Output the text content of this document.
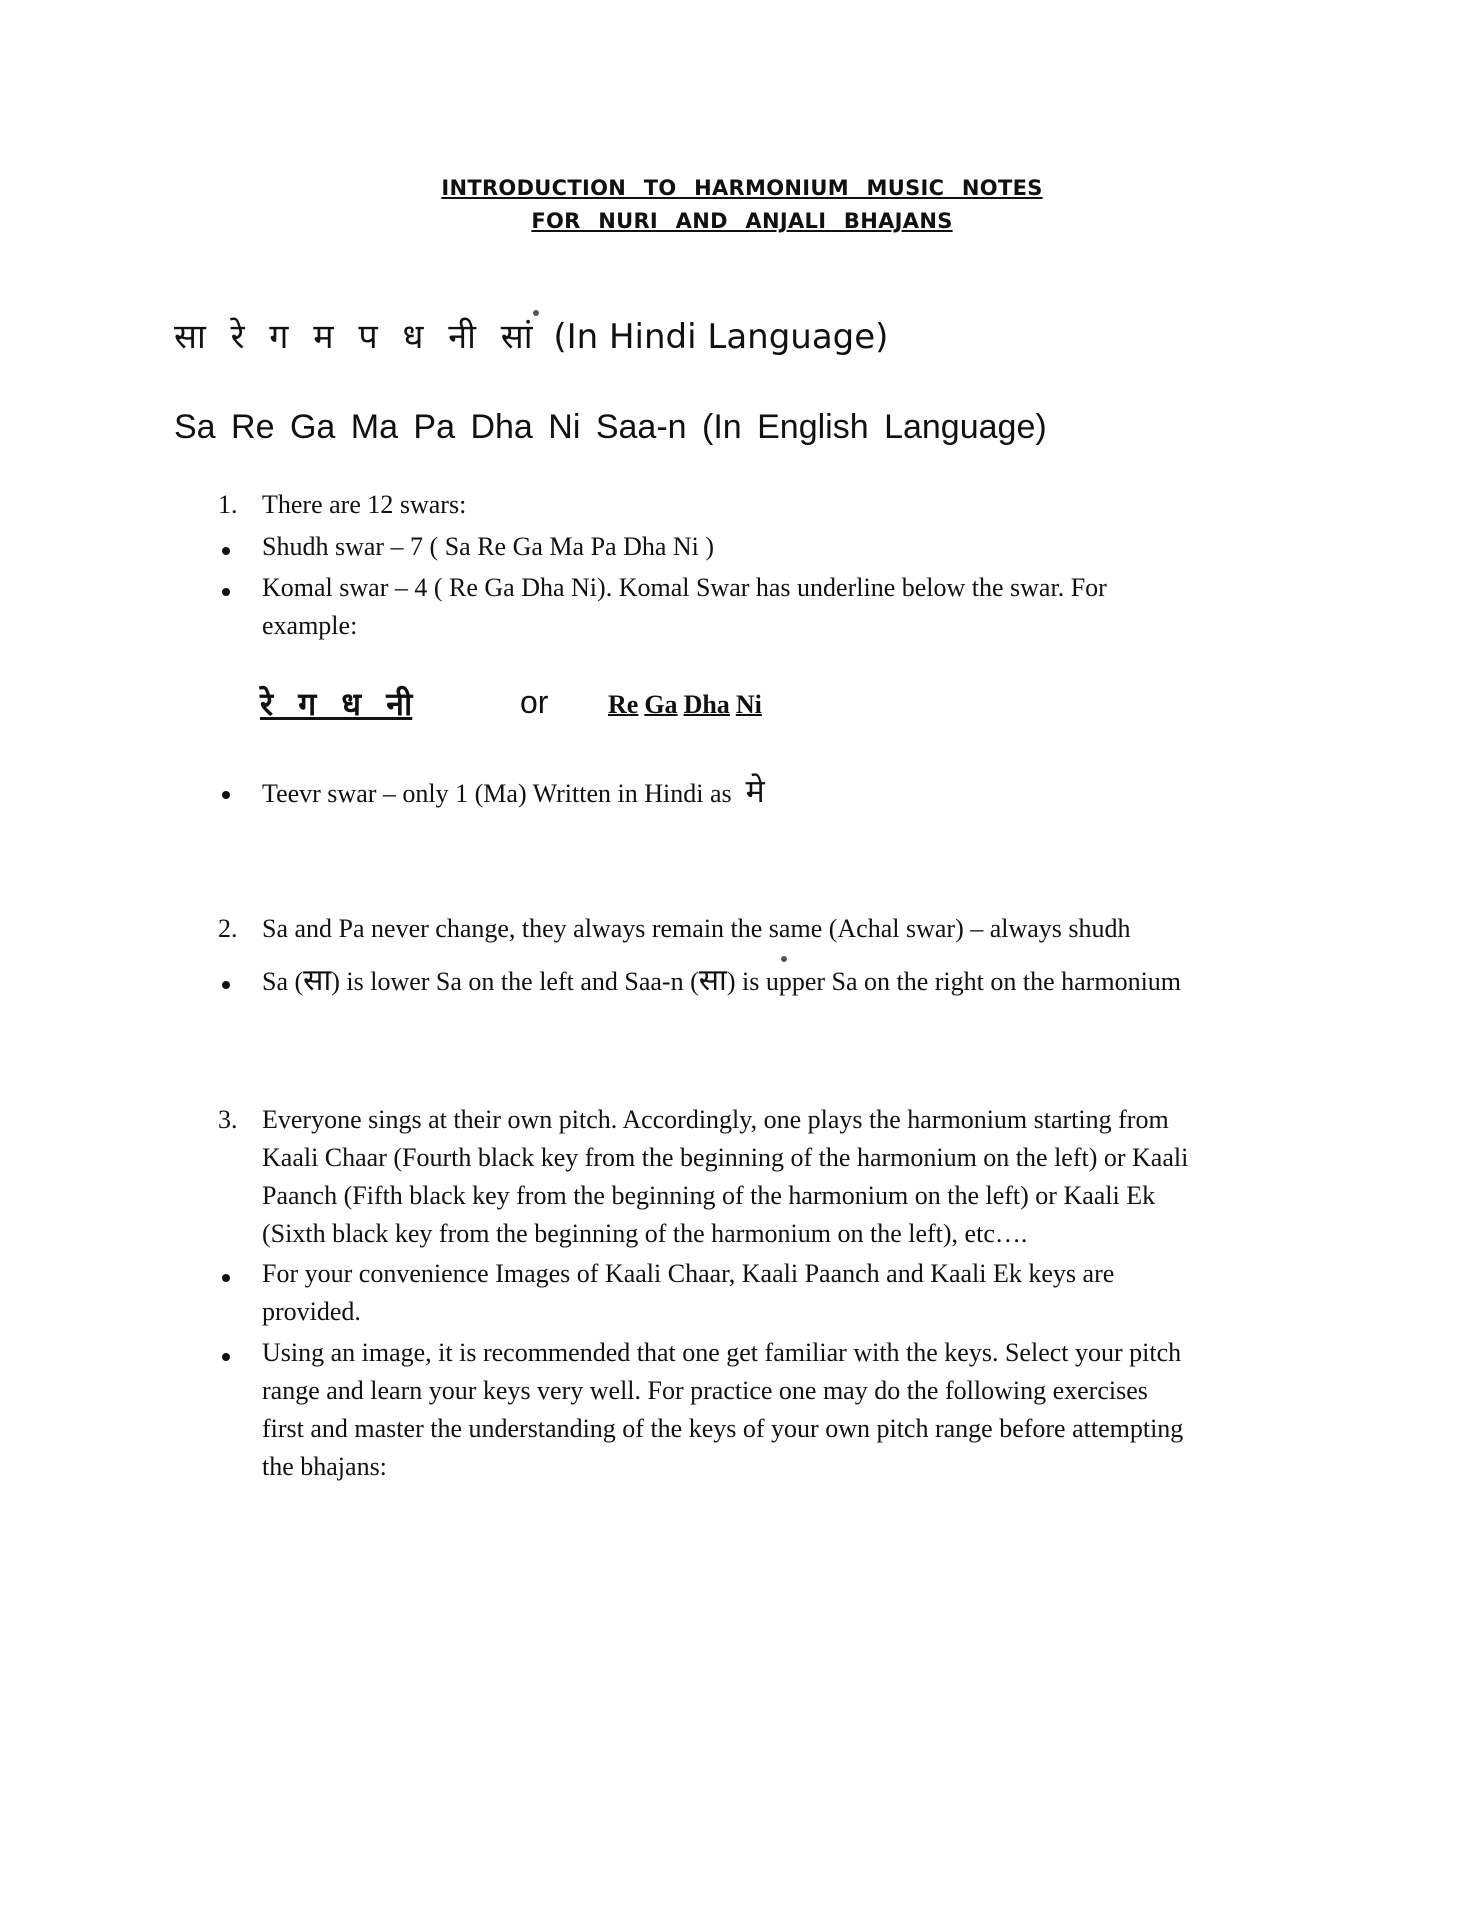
INTRODUCTION TO HARMONIUM MUSIC NOTES
FOR NURI AND ANJALI BHAJANS
सा रे ग म प ध नी सां (In Hindi Language)
Sa Re Ga Ma Pa Dha Ni Saa-n (In English Language)
1. There are 12 swars:
Shudh swar – 7 ( Sa Re Ga Ma Pa Dha Ni )
Komal swar – 4 ( Re Ga Dha Ni). Komal Swar has underline below the swar. For
example:
रे ग ध नी	or Re Ga Dha Ni
Teevr swar – only 1 (Ma) Written in Hindi as मे
2. Sa and Pa never change, they always remain the same (Achal swar) – always shudh
Sa (सा) is lower Sa on the left and Saa-n (सा) is upper Sa on the right on the harmonium
3. Everyone sings at their own pitch. Accordingly, one plays the harmonium starting from
Kaali Chaar (Fourth black key from the beginning of the harmonium on the left) or Kaali
Paanch (Fifth black key from the beginning of the harmonium on the left) or Kaali Ek
(Sixth black key from the beginning of the harmonium on the left), etc….
For your convenience Images of Kaali Chaar, Kaali Paanch and Kaali Ek keys are
provided.
Using an image, it is recommended that one get familiar with the keys. Select your pitch
range and learn your keys very well. For practice one may do the following exercises
first and master the understanding of the keys of your own pitch range before attempting
the bhajans:
